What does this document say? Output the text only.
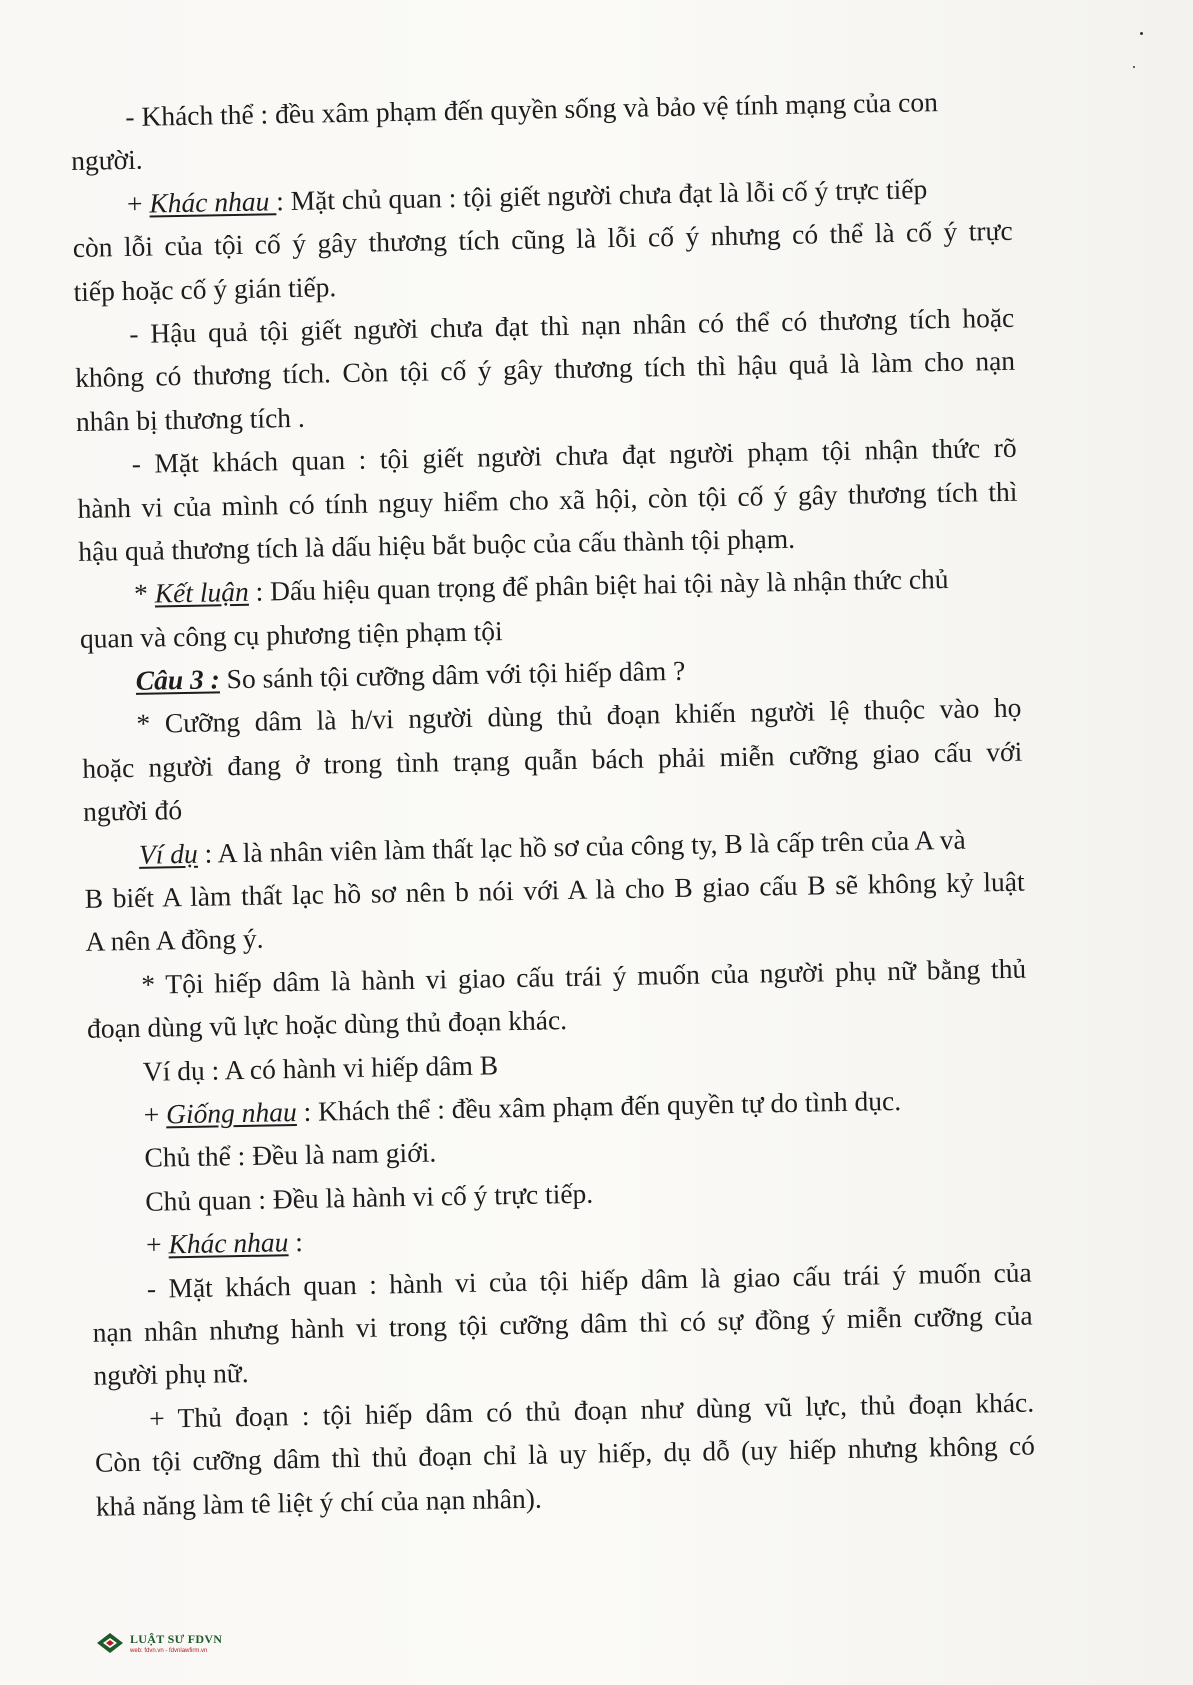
- Khách thể : đều xâm phạm đến quyền sống và bảo vệ tính mạng của con
người.
+ Khác nhau : Mặt chủ quan : tội giết người chưa đạt là lỗi cố ý trực tiếp
còn lỗi của tội cố ý gây thương tích cũng là lỗi cố ý nhưng có thể là cố ý trực
tiếp hoặc cố ý gián tiếp.
- Hậu quả tội giết người chưa đạt thì nạn nhân có thể có thương tích hoặc
không có thương tích. Còn tội cố ý gây thương tích thì hậu quả là làm cho nạn
nhân bị thương tích .
- Mặt khách quan : tội giết người chưa đạt người phạm tội nhận thức rõ
hành vi của mình có tính nguy hiểm cho xã hội, còn tội cố ý gây thương tích thì
hậu quả thương tích là dấu hiệu bắt buộc của cấu thành tội phạm.
* Kết luận : Dấu hiệu quan trọng để phân biệt hai tội này là nhận thức chủ
quan và công cụ phương tiện phạm tội
Câu 3 : So sánh tội cưỡng dâm với tội hiếp dâm ?
* Cưỡng dâm là h/vi người dùng thủ đoạn khiến người lệ thuộc vào họ
hoặc người đang ở trong tình trạng quẫn bách phải miễn cưỡng giao cấu với
người đó
Ví dụ : A là nhân viên làm thất lạc hồ sơ của công ty, B là cấp trên của A và
B biết A làm thất lạc hồ sơ nên b nói với A là cho B giao cấu B sẽ không kỷ luật
A nên A đồng ý.
* Tội hiếp dâm là hành vi giao cấu trái ý muốn của người phụ nữ bằng thủ
đoạn dùng vũ lực hoặc dùng thủ đoạn khác.
Ví dụ : A có hành vi hiếp dâm B
+ Giống nhau : Khách thể : đều xâm phạm đến quyền tự do tình dục.
Chủ thể : Đều là nam giới.
Chủ quan : Đều là hành vi cố ý trực tiếp.
+ Khác nhau :
- Mặt khách quan : hành vi của tội hiếp dâm là giao cấu trái ý muốn của
nạn nhân nhưng hành vi trong tội cưỡng dâm thì có sự đồng ý miễn cưỡng của
người phụ nữ.
+ Thủ đoạn : tội hiếp dâm có thủ đoạn như dùng vũ lực, thủ đoạn khác.
Còn tội cưỡng dâm thì thủ đoạn chỉ là uy hiếp, dụ dỗ (uy hiếp nhưng không có
khả năng làm tê liệt ý chí của nạn nhân).
LUẬT SƯ FDVN
web: fdvn.vn - fdvnlawfirm.vn
